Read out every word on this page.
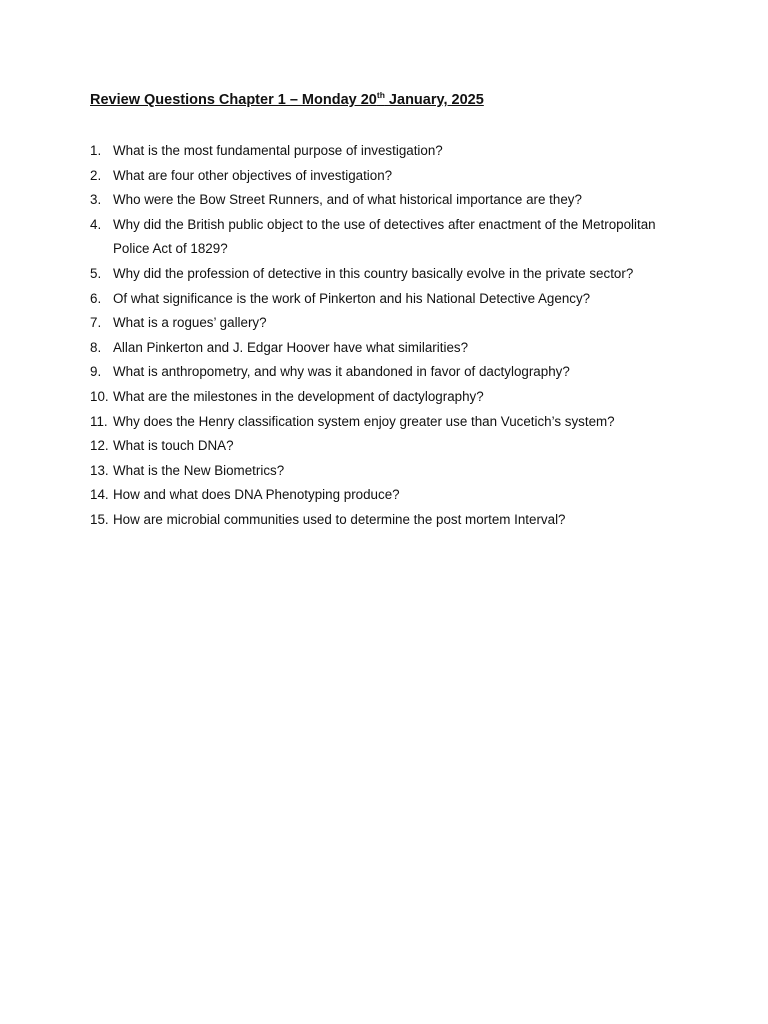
Review Questions Chapter 1 – Monday 20th January, 2025
1. What is the most fundamental purpose of investigation?
2. What are four other objectives of investigation?
3. Who were the Bow Street Runners, and of what historical importance are they?
4. Why did the British public object to the use of detectives after enactment of the Metropolitan Police Act of 1829?
5. Why did the profession of detective in this country basically evolve in the private sector?
6. Of what significance is the work of Pinkerton and his National Detective Agency?
7. What is a rogues’ gallery?
8. Allan Pinkerton and J. Edgar Hoover have what similarities?
9. What is anthropometry, and why was it abandoned in favor of dactylography?
10. What are the milestones in the development of dactylography?
11. Why does the Henry classification system enjoy greater use than Vucetich’s system?
12. What is touch DNA?
13. What is the New Biometrics?
14. How and what does DNA Phenotyping produce?
15. How are microbial communities used to determine the post mortem Interval?
